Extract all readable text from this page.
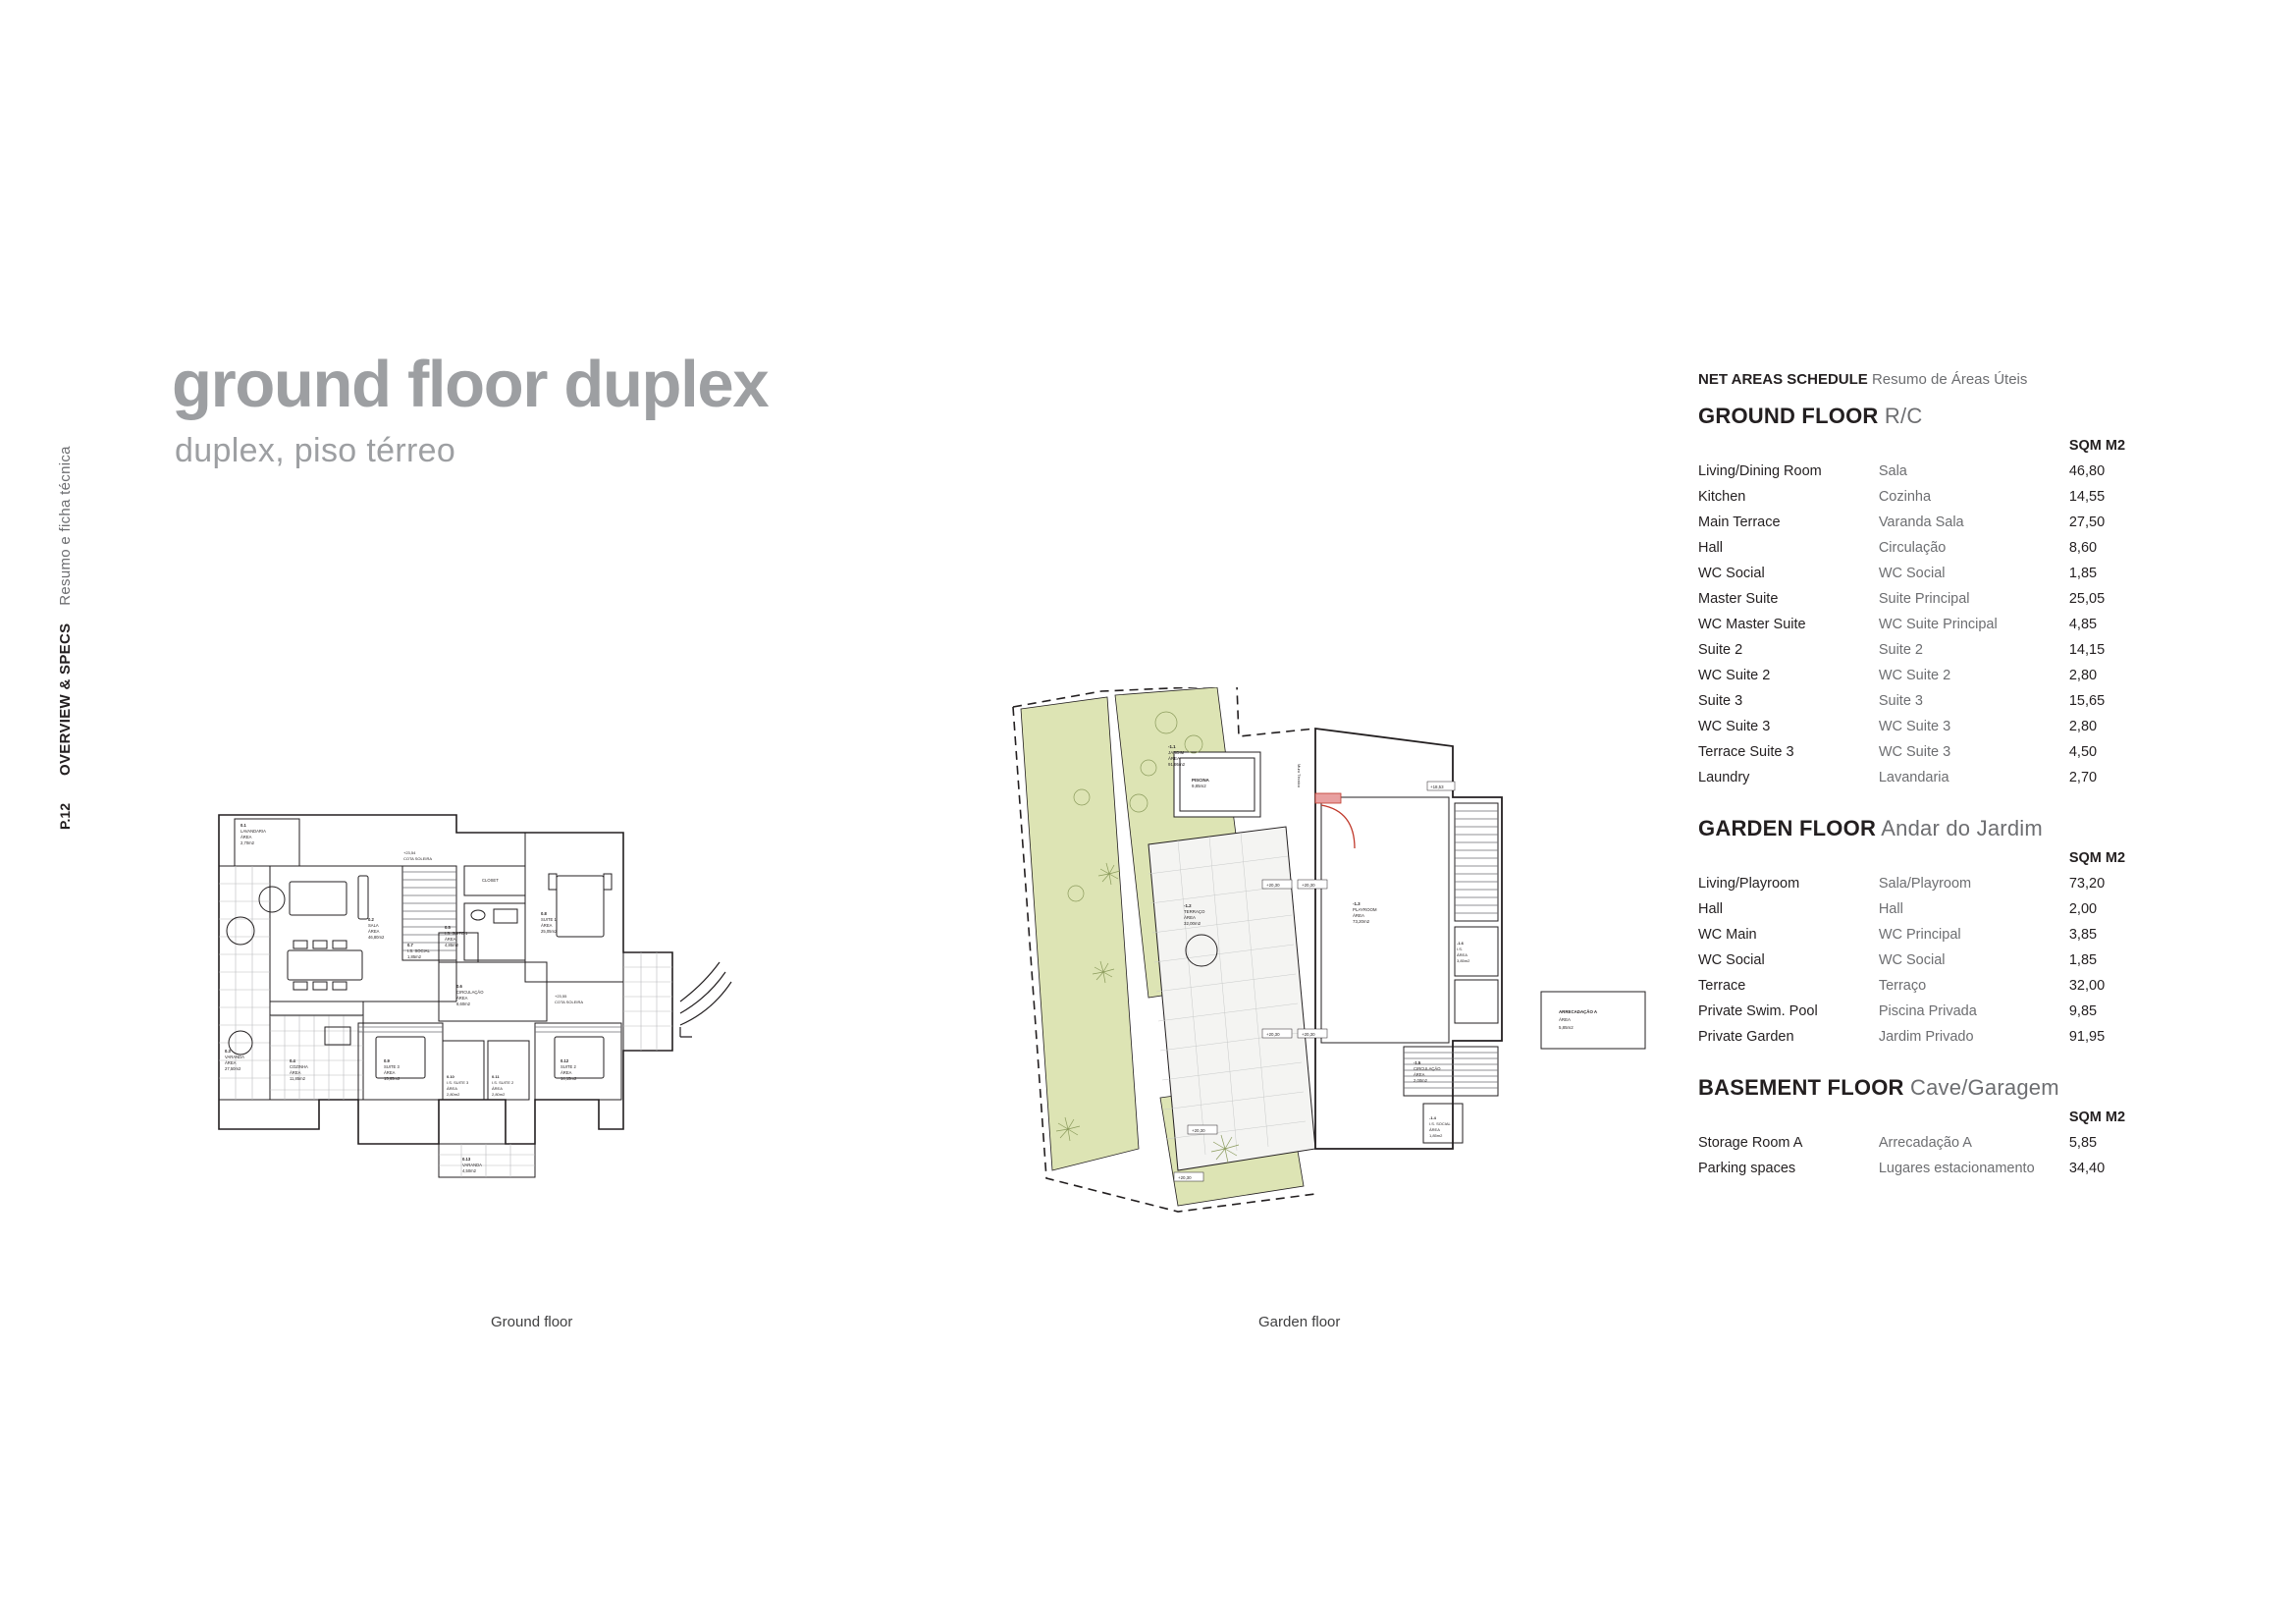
OVERVIEW & SPECS    Resumo e ficha técnica
P.12
ground floor duplex
duplex, piso térreo
0.1
LAVANDARIA
ÁREA
2,70m2
0.2
SALA
ÁREA
46,80m2
0.3
VARANDA
ÁREA
27,50m2
0.4
COZINHA
ÁREA
11,85m2
0.5
I.S. SUITE 1
ÁREA
4,85m2
0.6
CIRCULAÇÃO
ÁREA
8,60m2
0.7
I.S. SOCIAL
1,85m2
0.8
SUITE 1
ÁREA
25,05m2
0.9
SUITE 3
ÁREA
15,65m2	0.10
I.S. SUITE 3
ÁREA
2,80m2
0.11
I.S. SUITE 2
ÁREA
2,80m2
0.12
SUITE 2
ÁREA
14,15m2
0.13
VARANDA
4,50m2
CLOSET
+23,54
COTA SOLEIRA
+23,55
COTA SOLEIRA
+20,30	+20,30
+20,30	+20,30
+20,30
+20,30
+18,53
-1.1
JARDIM
ÁREA
91,95m2
PISCINA
9,85m2
-1.2
TERRAÇO
ÁREA
32,00m2
-1.3
PLAYROOM
ÁREA
73,20m2
-1.6
I.S.
ÁREA
3,85m2
-1.5
CIRCULAÇÃO
ÁREA
2,00m2
-1.4
I.S. SOCIAL
ÁREA
1,85m2
ARRECADAÇÃO A
ÁREA
5,85m2
Muro Técnico
Ground floor	Garden floor
NET AREAS SCHEDULE Resumo de Áreas Úteis
GROUND FLOOR R/C
		SQM M2
Living/Dining Room	Sala	46,80
Kitchen	Cozinha	14,55
Main Terrace	Varanda Sala	27,50
Hall	Circulação	8,60
WC Social	WC Social	1,85
Master Suite	Suite Principal	25,05
WC Master Suite	WC Suite Principal	4,85
Suite 2	Suite 2	14,15
WC Suite 2	WC Suite 2	2,80
Suite 3	Suite 3	15,65
WC Suite 3	WC Suite 3	2,80
Terrace Suite 3	WC Suite 3	4,50
Laundry	Lavandaria	2,70
GARDEN FLOOR Andar do Jardim
		SQM M2
Living/Playroom	Sala/Playroom	73,20
Hall	Hall	2,00
WC Main	WC Principal	3,85
WC Social	WC Social	1,85
Terrace	Terraço	32,00
Private Swim. Pool	Piscina Privada	9,85
Private Garden	Jardim Privado	91,95
BASEMENT FLOOR Cave/Garagem
		SQM M2
Storage Room A	Arrecadação A	5,85
Parking spaces	Lugares estacionamento	34,40
